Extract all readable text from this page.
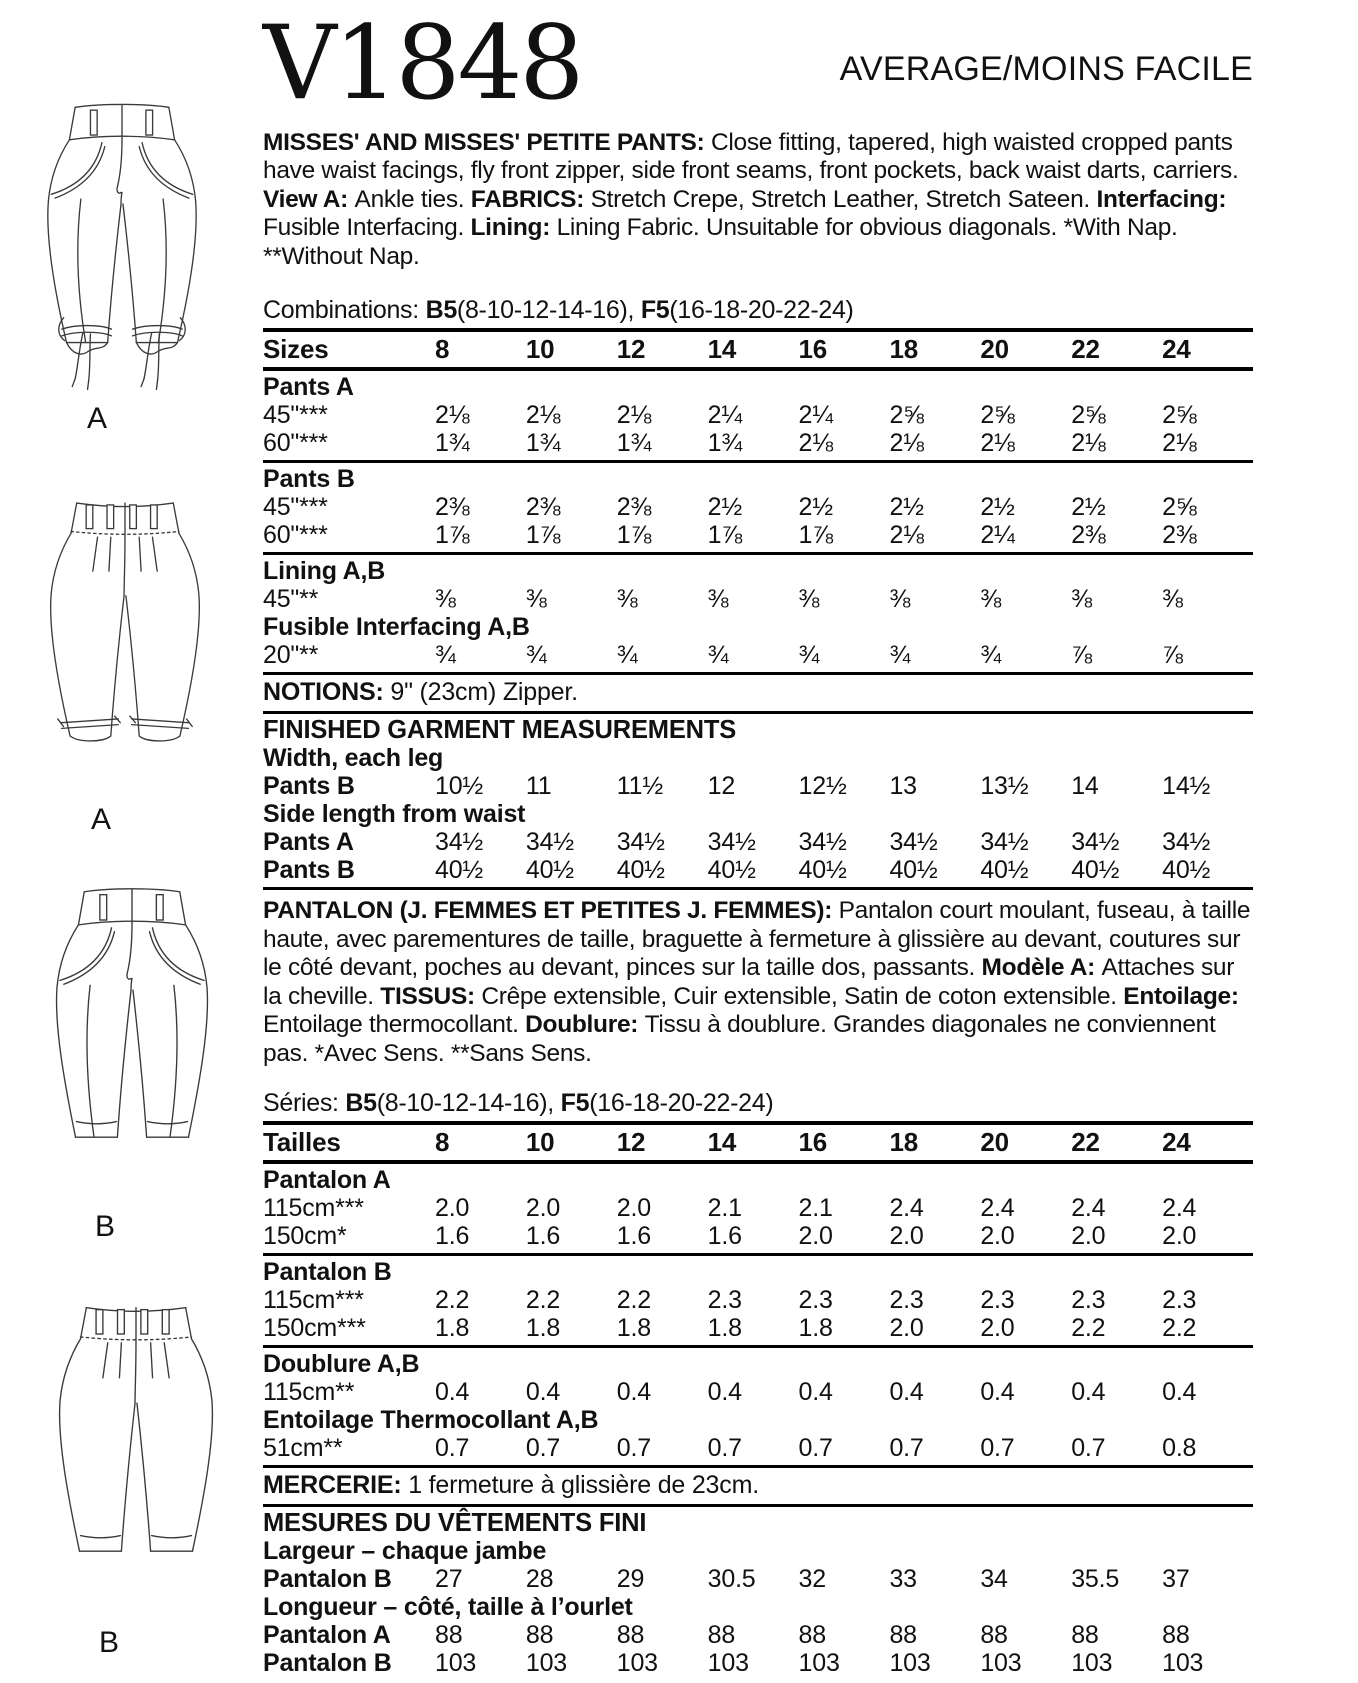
A
A
B
B
V1848	AVERAGE/MOINS FACILE
MISSES' AND MISSES' PETITE PANTS: Close fitting, tapered, high waisted cropped pants have waist facings, fly front zipper, side front seams, front pockets, back waist darts, carriers. View A: Ankle ties. FABRICS: Stretch Crepe, Stretch Leather, Stretch Sateen. Interfacing: Fusible Interfacing. Lining: Lining Fabric. Unsuitable for obvious diagonals. *With Nap. **Without Nap.
Combinations: B5(8-10-12-14-16), F5(16-18-20-22-24)
Sizes	8	10	12	14	16	18	20	22	24
Pants A
45"***	2⅛	2⅛	2⅛	2¼	2¼	2⅝	2⅝	2⅝	2⅝
60"***	1¾	1¾	1¾	1¾	2⅛	2⅛	2⅛	2⅛	2⅛
Pants B
45"***	2⅜	2⅜	2⅜	2½	2½	2½	2½	2½	2⅝
60"***	1⅞	1⅞	1⅞	1⅞	1⅞	2⅛	2¼	2⅜	2⅜
Lining A,B
45"**	⅜	⅜	⅜	⅜	⅜	⅜	⅜	⅜	⅜
Fusible Interfacing A,B
20"**	¾	¾	¾	¾	¾	¾	¾	⅞	⅞
NOTIONS: 9" (23cm) Zipper.
FINISHED GARMENT MEASUREMENTS
Width, each leg
Pants B	10½	11	11½	12	12½	13	13½	14	14½
Side length from waist
Pants A	34½	34½	34½	34½	34½	34½	34½	34½	34½
Pants B	40½	40½	40½	40½	40½	40½	40½	40½	40½
PANTALON (J. FEMMES ET PETITES J. FEMMES): Pantalon court moulant, fuseau, à taille haute, avec parementures de taille, braguette à fermeture à glissière au devant, coutures sur le côté devant, poches au devant, pinces sur la taille dos, passants. Modèle A: Attaches sur la cheville. TISSUS: Crêpe extensible, Cuir extensible, Satin de coton extensible. Entoilage: Entoilage thermocollant. Doublure: Tissu à doublure. Grandes diagonales ne conviennent pas. *Avec Sens. **Sans Sens.
Séries: B5(8-10-12-14-16), F5(16-18-20-22-24)
Tailles	8	10	12	14	16	18	20	22	24
Pantalon A
115cm***	2.0	2.0	2.0	2.1	2.1	2.4	2.4	2.4	2.4
150cm*	1.6	1.6	1.6	1.6	2.0	2.0	2.0	2.0	2.0
Pantalon B
115cm***	2.2	2.2	2.2	2.3	2.3	2.3	2.3	2.3	2.3
150cm***	1.8	1.8	1.8	1.8	1.8	2.0	2.0	2.2	2.2
Doublure A,B
115cm**	0.4	0.4	0.4	0.4	0.4	0.4	0.4	0.4	0.4
Entoilage Thermocollant A,B
51cm**	0.7	0.7	0.7	0.7	0.7	0.7	0.7	0.7	0.8
MERCERIE: 1 fermeture à glissière de 23cm.
MESURES DU VÊTEMENTS FINI
Largeur – chaque jambe
Pantalon B	27	28	29	30.5	32	33	34	35.5	37
Longueur – côté, taille à l’ourlet
Pantalon A	88	88	88	88	88	88	88	88	88
Pantalon B	103	103	103	103	103	103	103	103	103
